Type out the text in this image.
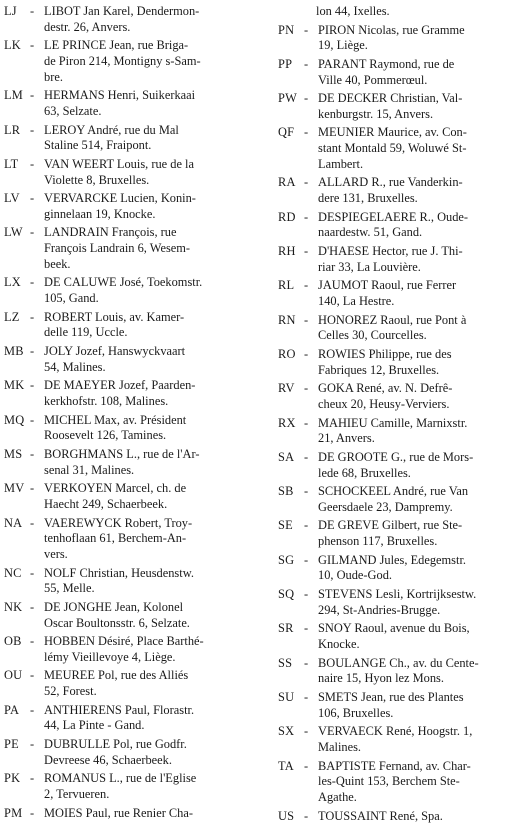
LJ	- LIBOT Jan Karel, Dendermon-
destr. 26, Anvers.
LK - LE PRINCE Jean, rue Briga-
de Piron 214, Montigny s-Sam-
bre.
LM - HERMANS Henri, Suikerkaai
63, Selzate.
LR - LEROY André, rue du Mal
Staline 514, Fraipont.
LT - VAN WEERT Louis, rue de la
Violette 8, Bruxelles.
LV - VERVARCKE Lucien, Konin-
ginnelaan 19, Knocke.
LW - LANDRAIN François, rue
François Landrain 6, Wesem-
beek.
LX - DE CALUWE José, Toekomstr.
105, Gand.
LZ - ROBERT Louis, av. Kamer-
delle 119, Uccle.
MB - JOLY Jozef, Hanswyckvaart
54, Malines.
MK - DE MAEYER Jozef, Paarden-
kerkhofstr. 108, Malines.
MQ - MICHEL Max, av. Président
Roosevelt 126, Tamines.
MS - BORGHMANS L., rue de l'Ar-
senal 31, Malines.
MV - VERKOYEN Marcel, ch. de
Haecht 249, Schaerbeek.
NA - VAEREWYCK Robert, Troy-
tenhoflaan 61, Berchem-An-
vers.
NC - NOLF Christian, Heusdenstw.
55, Melle.
NK - DE JONGHE Jean, Kolonel
Oscar Boultonsstr. 6, Selzate.
OB - HOBBEN Désiré, Place Barthé-
lémy Vieillevoye 4, Liège.
OU - MEUREE Pol, rue des Alliés
52, Forest.
PA - ANTHIERENS Paul, Florastr.
44, La Pinte - Gand.
PE - DUBRULLE Pol, rue Godfr.
Devreese 46, Schaerbeek.
PK - ROMANUS L., rue de l'Eglise
2, Tervueren.
PM - MOIES Paul, rue Renier Cha-
lon 44, Ixelles.
PN - PIRON Nicolas, rue Gramme
19, Liège.
PP - PARANT Raymond, rue de
Ville 40, Pommerœul.
PW - DE DECKER Christian, Val-
kenburgstr. 15, Anvers.
QF - MEUNIER Maurice, av. Con-
stant Montald 59, Woluwé St-
Lambert.
RA - ALLARD R., rue Vanderkin-
dere 131, Bruxelles.
RD - DESPIEGELAERE R., Oude-
naardestw. 51, Gand.
RH - D'HAESE Hector, rue J. Thi-
riar 33, La Louvière.
RL - JAUMOT Raoul, rue Ferrer
140, La Hestre.
RN - HONOREZ Raoul, rue Pont à
Celles 30, Courcelles.
RO - ROWIES Philippe, rue des
Fabriques 12, Bruxelles.
RV - GOKA René, av. N. Defrê-
cheux 20, Heusy-Verviers.
RX - MAHIEU Camille, Marnixstr.
21, Anvers.
SA - DE GROOTE G., rue de Mors-
lede 68, Bruxelles.
SB - SCHOCKEEL André, rue Van
Geersdaele 23, Dampremy.
SE - DE GREVE Gilbert, rue Ste-
phenson 117, Bruxelles.
SG - GILMAND Jules, Edegemstr.
10, Oude-God.
SQ - STEVENS Lesli, Kortrijksestw.
294, St-Andries-Brugge.
SR - SNOY Raoul, avenue du Bois,
Knocke.
SS - BOULANGE Ch., av. du Cente-
naire 15, Hyon lez Mons.
SU - SMETS Jean, rue des Plantes
106, Bruxelles.
SX - VERVAECK René, Hoogstr. 1,
Malines.
TA - BAPTISTE Fernand, av. Char-
les-Quint 153, Berchem Ste-
Agathe.
US - TOUSSAINT René, Spa.
